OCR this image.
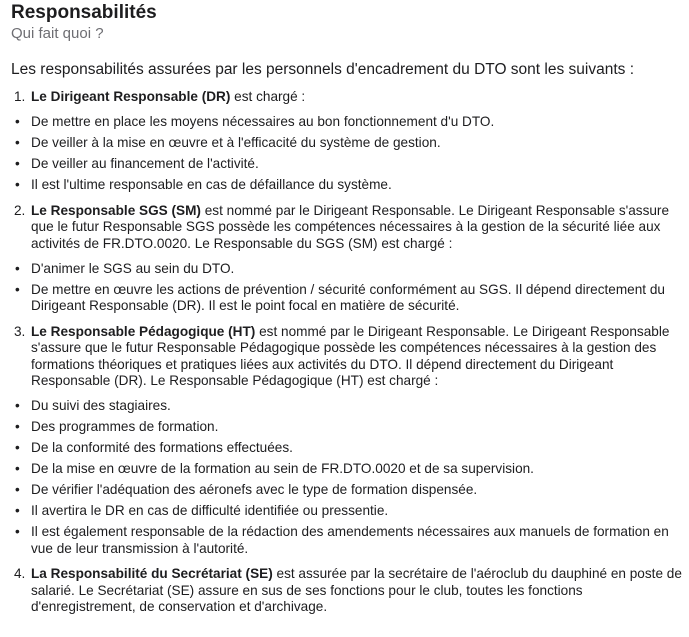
Responsabilités

Qui fait quoi ?

Les responsabilités assurées par les personnels d'encadrement du DTO sont les suivants :

1. Le Dirigeant Responsable (DR) est chargé :
• De mettre en place les moyens nécessaires au bon fonctionnement d'u DTO.
• De veiller à la mise en œuvre et à l'efficacité du système de gestion.
• De veiller au financement de l'activité.
• Il est l'ultime responsable en cas de défaillance du système.
2. Le Responsable SGS (SM) est nommé par le Dirigeant Responsable. Le Dirigeant Responsable s'assure que le futur Responsable SGS possède les compétences nécessaires à la gestion de la sécurité liée aux activités de FR.DTO.0020. Le Responsable du SGS (SM) est chargé :
• D'animer le SGS au sein du DTO.
• De mettre en œuvre les actions de prévention / sécurité conformément au SGS. Il dépend directement du Dirigeant Responsable (DR). Il est le point focal en matière de sécurité.
3. Le Responsable Pédagogique (HT) est nommé par le Dirigeant Responsable. Le Dirigeant Responsable s'assure que le futur Responsable Pédagogique possède les compétences nécessaires à la gestion des formations théoriques et pratiques liées aux activités du DTO. Il dépend directement du Dirigeant Responsable (DR). Le Responsable Pédagogique (HT) est chargé :
• Du suivi des stagiaires.
• Des programmes de formation.
• De la conformité des formations effectuées.
• De la mise en œuvre de la formation au sein de FR.DTO.0020 et de sa supervision.
• De vérifier l'adéquation des aéronefs avec le type de formation dispensée.
• Il avertira le DR en cas de difficulté identifiée ou pressentie.
• Il est également responsable de la rédaction des amendements nécessaires aux manuels de formation en vue de leur transmission à l'autorité.
4. La Responsabilité du Secrétariat (SE) est assurée par la secrétaire de l'aéroclub du dauphiné en poste de salarié. Le Secrétariat (SE) assure en sus de ses fonctions pour le club, toutes les fonctions d'enregistrement, de conservation et d'archivage.
